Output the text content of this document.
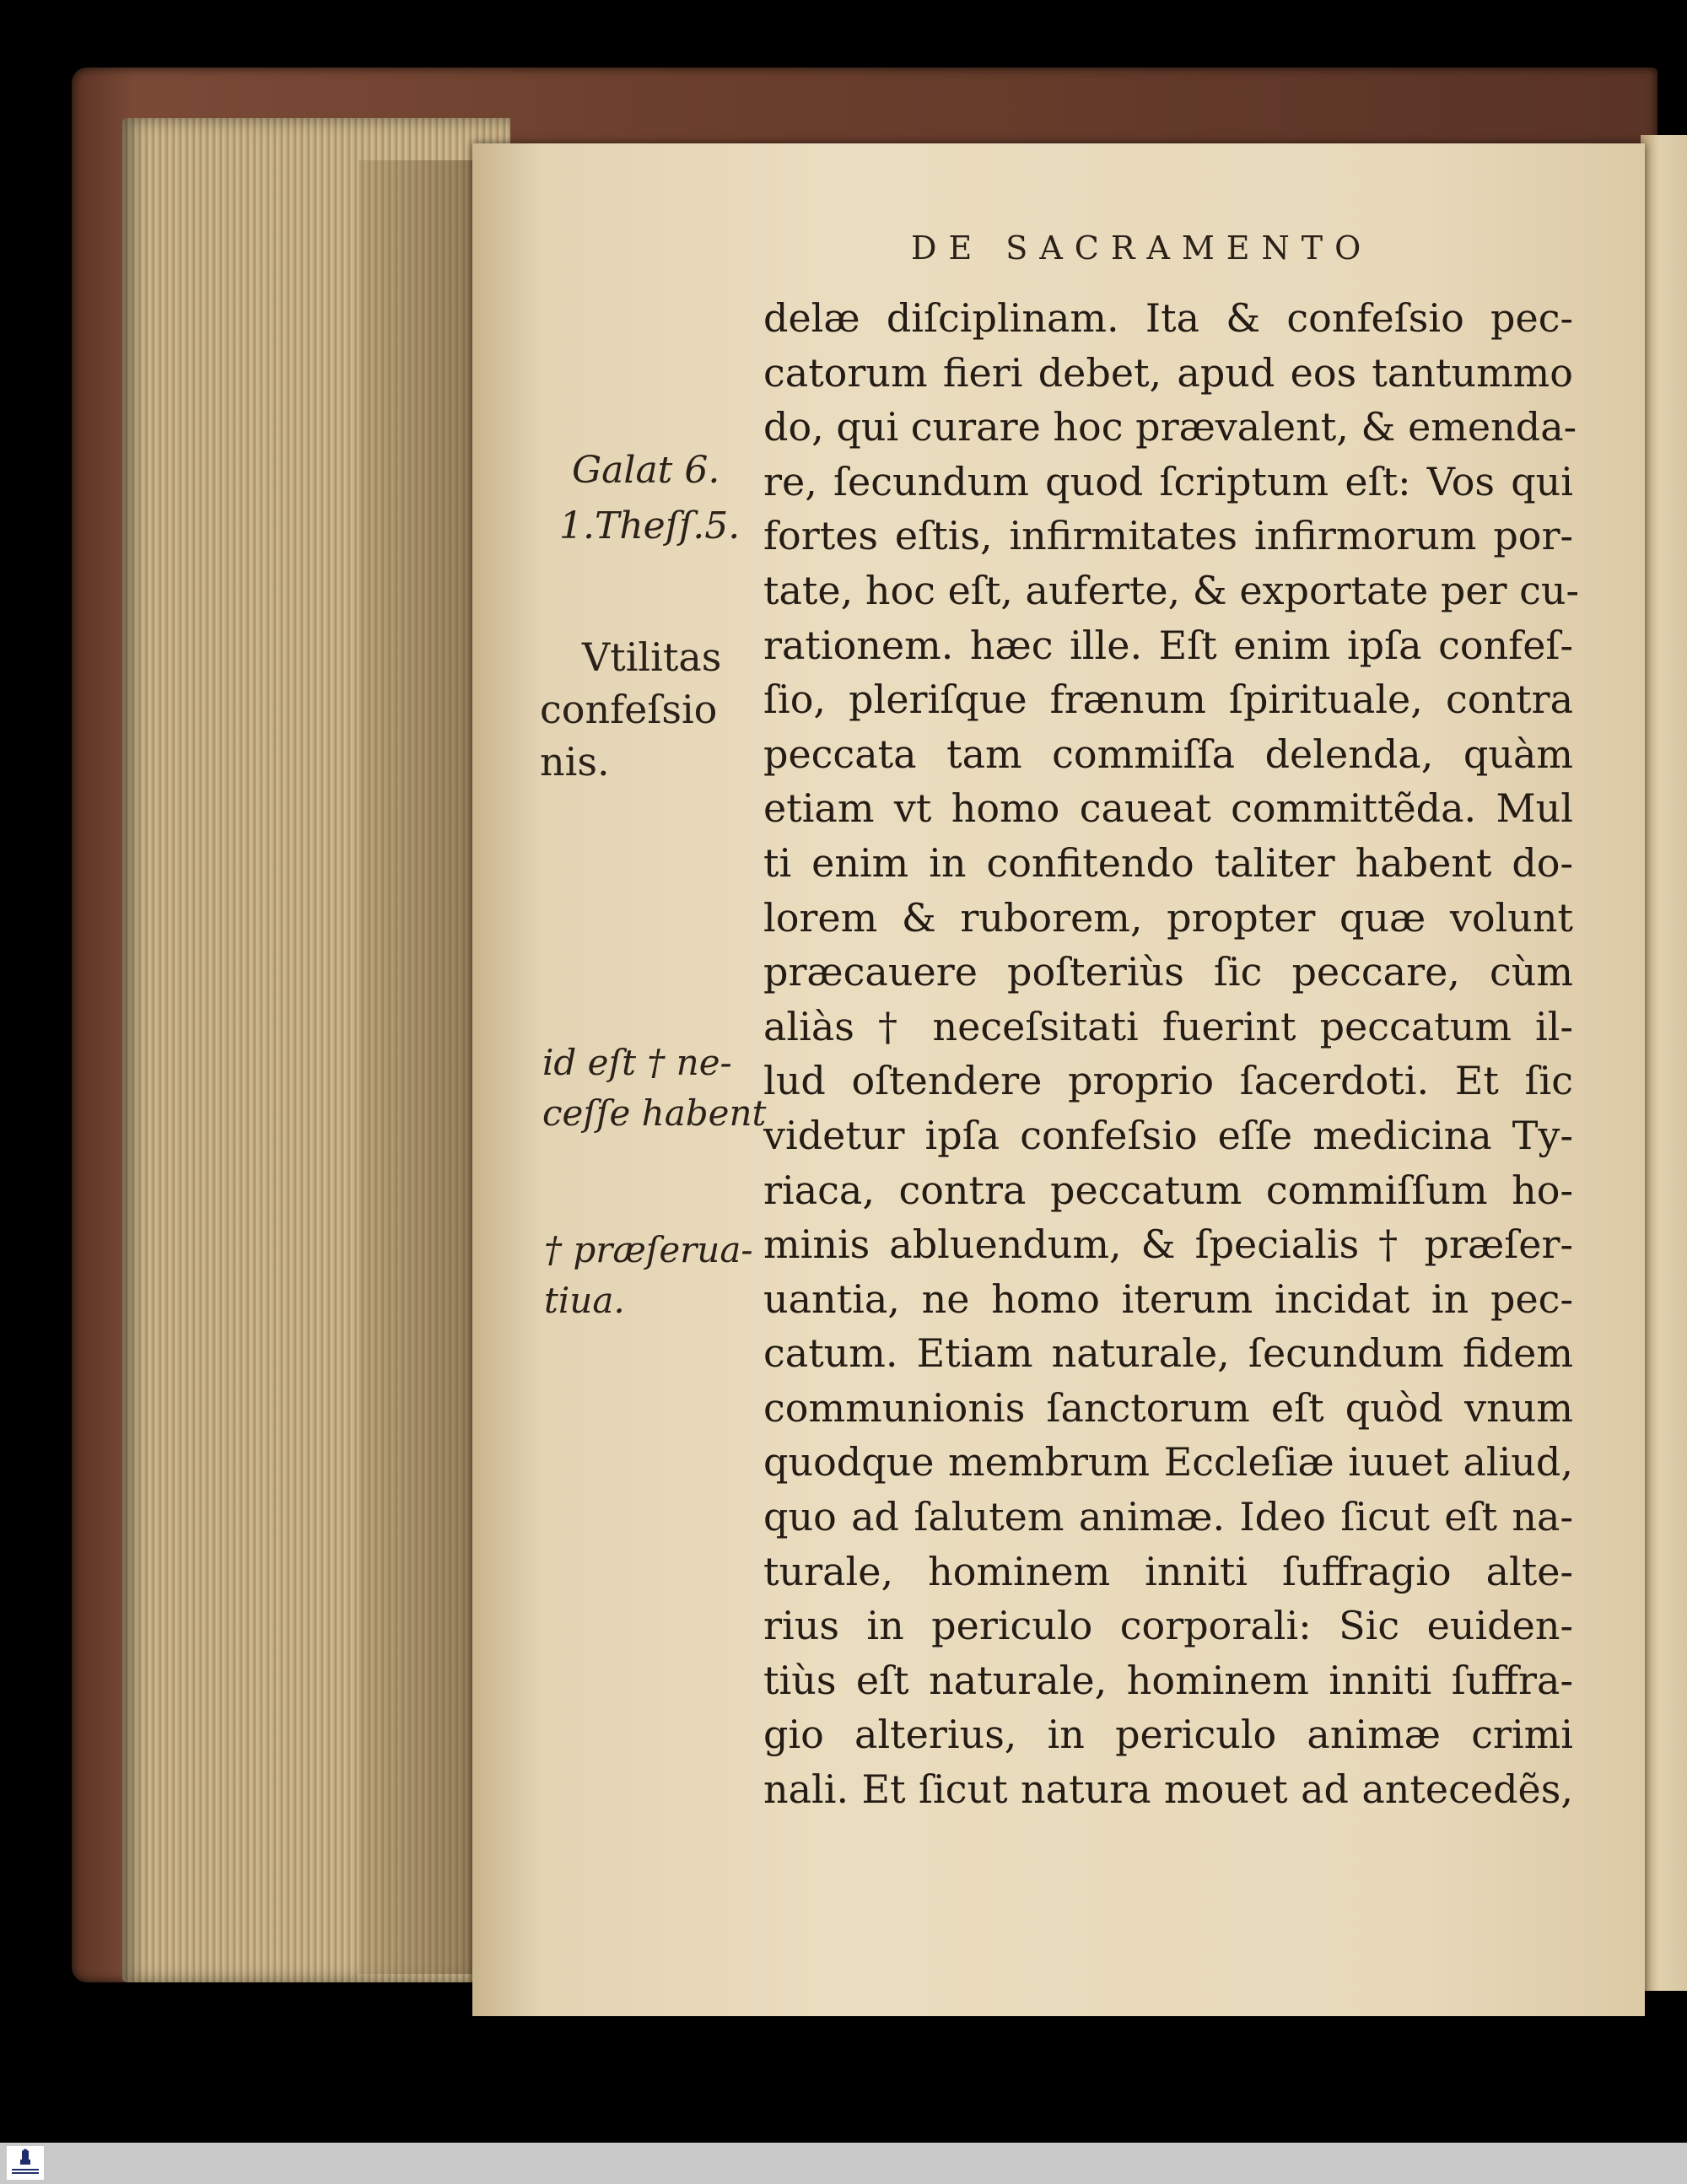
DE SACRAMENTO
Galat 6.
1.Theſſ.5.
Vtilitas
confeſsio
nis.
id eſt † ne-
ceſſe habent
† præſerua-
tiua.
delæ diſciplinam. Ita & confeſsio pec-
catorum fieri debet, apud eos tantummo
do, qui curare hoc prævalent, & emenda-
re, ſecundum quod ſcriptum eſt: Vos qui
fortes eſtis, infirmitates infirmorum por-
tate, hoc eſt, auferte, & exportate per cu-
rationem. hæc ille. Eſt enim ipſa confeſ-
ſio, pleriſque frænum ſpirituale, contra
peccata tam commiſſa delenda, quàm
etiam vt homo caueat committẽda. Mul
ti enim in confitendo taliter habent do-
lorem & ruborem, propter quæ volunt
præcauere poſteriùs ſic peccare, cùm
aliàs † neceſsitati fuerint peccatum il-
lud oſtendere proprio ſacerdoti. Et ſic
videtur ipſa confeſsio eſſe medicina Ty-
riaca, contra peccatum commiſſum ho-
minis abluendum, & ſpecialis † præſer-
uantia, ne homo iterum incidat in pec-
catum. Etiam naturale, ſecundum fidem
communionis ſanctorum eſt quòd vnum
quodque membrum Eccleſiæ iuuet aliud,
quo ad ſalutem animæ. Ideo ſicut eſt na-
turale, hominem inniti ſuffragio alte-
rius in periculo corporali: Sic euiden-
tiùs eſt naturale, hominem inniti ſuffra-
gio alterius, in periculo animæ crimi
nali. Et ſicut natura mouet ad antecedẽs,
